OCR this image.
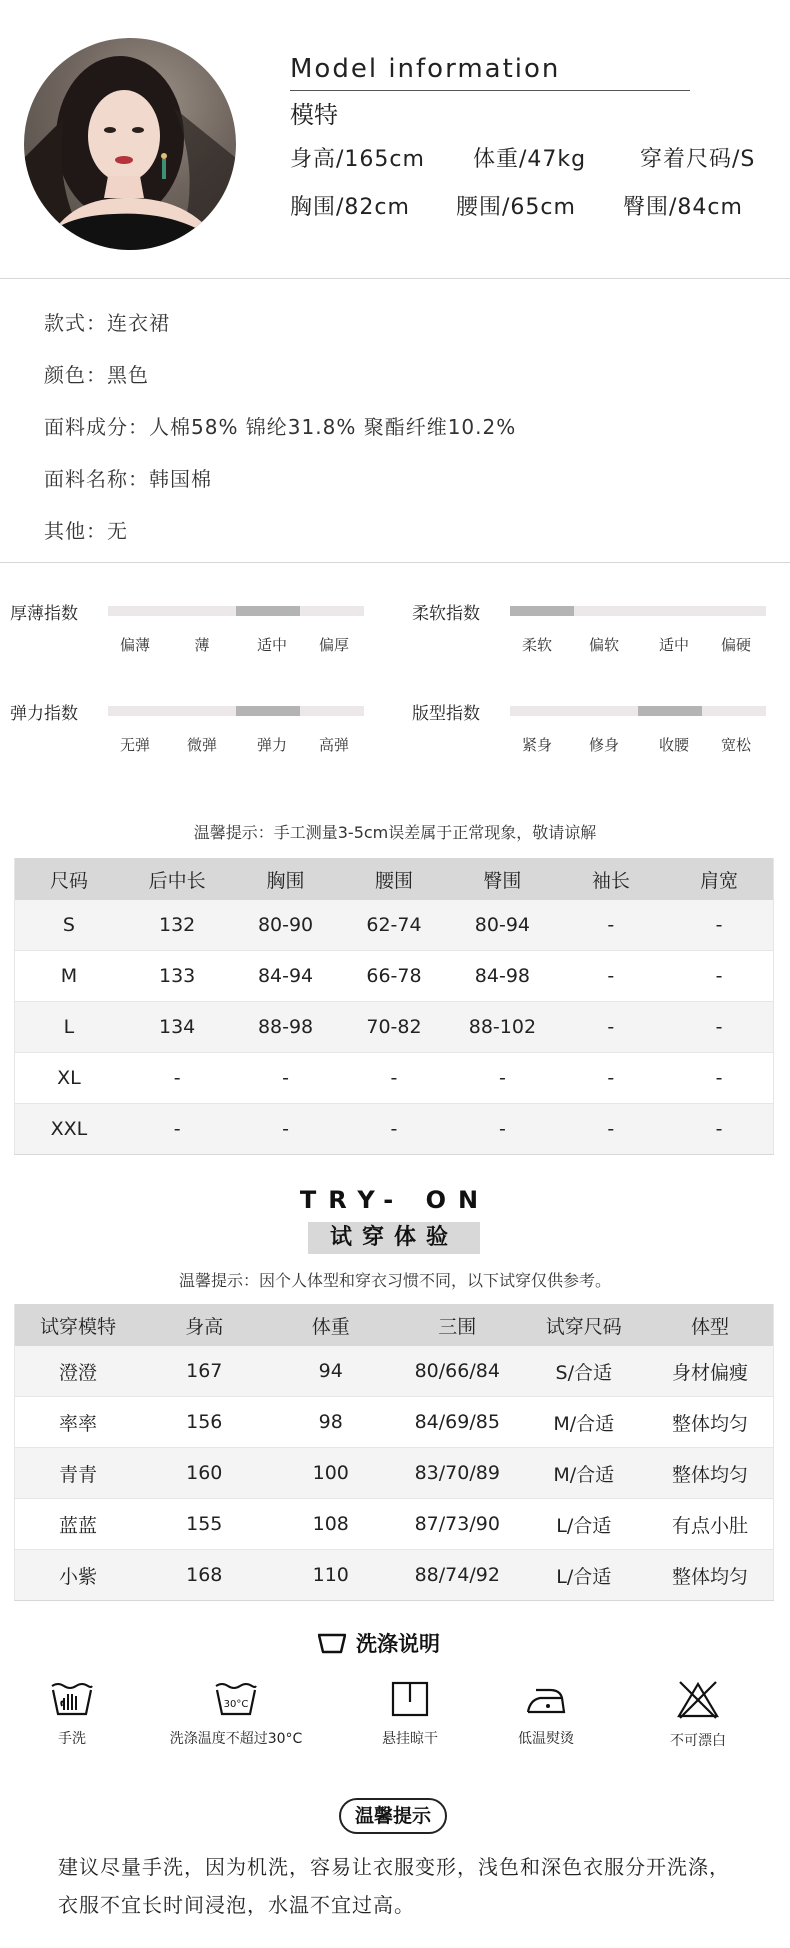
Model information
模特
身高/165cm 体重/47kg 穿着尺码/S
胸围/82cm 腰围/65cm 臀围/84cm
款式：连衣裙
颜色：黑色
面料成分：人棉58% 锦纶31.8% 聚酯纤维10.2%
面料名称：韩国棉
其他：无
厚薄指数
偏薄	薄	适中 偏厚
柔软指数
柔软 偏软	适中 偏硬
弹力指数
无弹 微弹	弹力 高弹
版型指数
紧身 修身	收腰 宽松
温馨提示：手工测量3-5cm误差属于正常现象，敬请谅解
尺码	后中长	胸围	腰围	臀围	袖长	肩宽
S	132	80-90	62-74	80-94	-	-
M	133	84-94	66-78	84-98	-	-
L	134	88-98	70-82	88-102	-	-
XL	-	-	-	-	-	-
XXL	-	-	-	-	-	-
TRY- ON
试穿体验
温馨提示：因个人体型和穿衣习惯不同，以下试穿仅供参考。
试穿模特	身高	体重	三围	试穿尺码	体型
澄澄	167	94	80/66/84	S/合适	身材偏瘦
率率	156	98	84/69/85	M/合适	整体均匀
青青	160	100	83/70/89	M/合适	整体均匀
蓝蓝	155	108	87/73/90	L/合适	有点小肚
小紫	168	110	88/74/92	L/合适	整体均匀
洗涤说明
手洗
30°C
洗涤温度不超过30°C	悬挂晾干	低温熨烫	不可漂白
温馨提示
建议尽量手洗，因为机洗，容易让衣服变形，浅色和深色衣服分开洗涤，衣服不宜长时间浸泡，水温不宜过高。
